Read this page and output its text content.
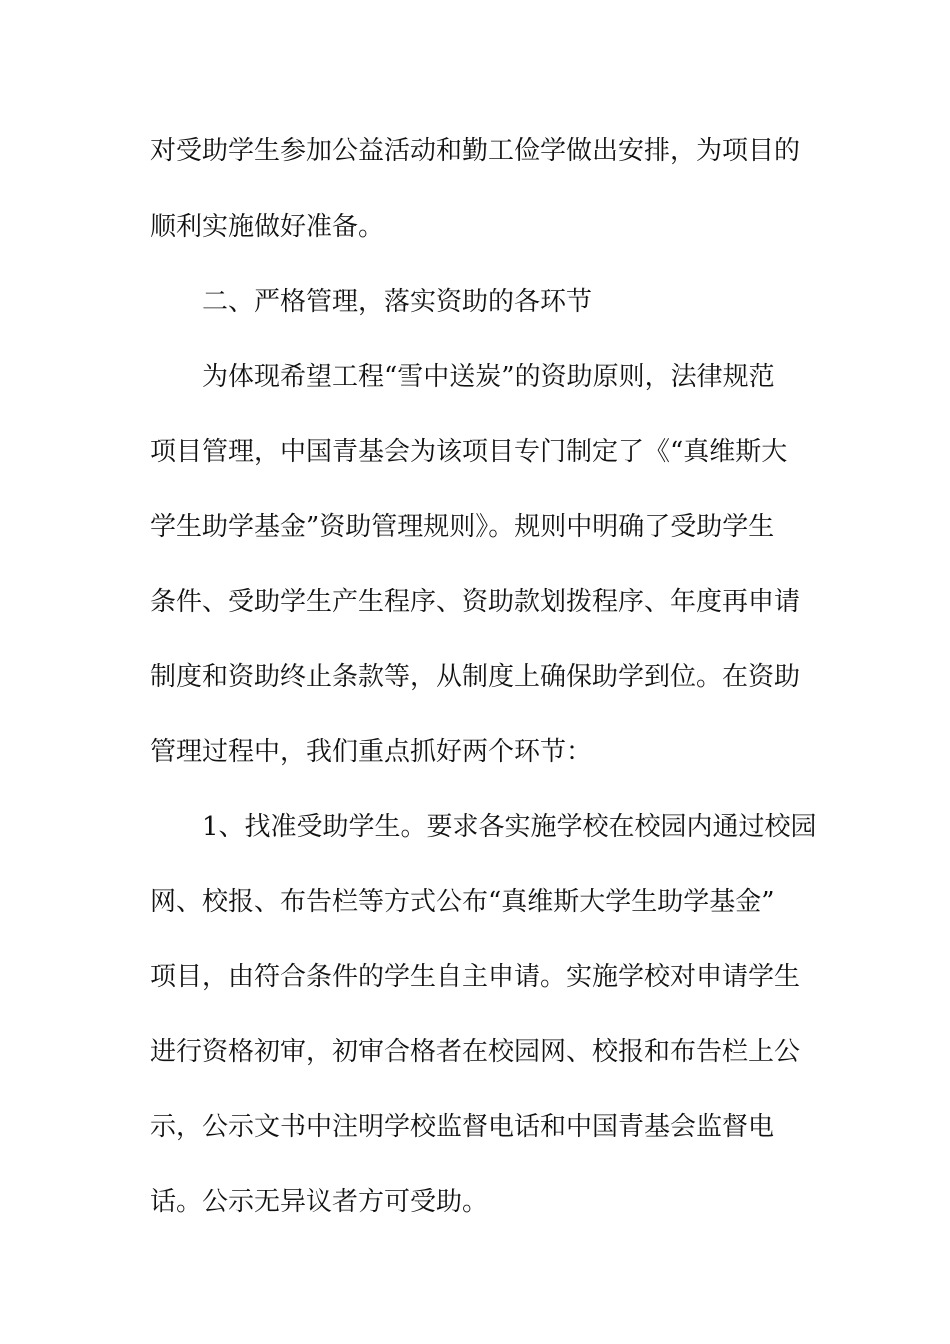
对受助学生参加公益活动和勤工俭学做出安排，为项目的
顺利实施做好准备。
二、严格管理，落实资助的各环节
为体现希望工程“雪中送炭”的资助原则，法律规范
项目管理，中国青基会为该项目专门制定了《“真维斯大
学生助学基金”资助管理规则》。规则中明确了受助学生
条件、受助学生产生程序、资助款划拨程序、年度再申请
制度和资助终止条款等，从制度上确保助学到位。在资助
管理过程中，我们重点抓好两个环节：
1、找准受助学生。要求各实施学校在校园内通过校园
网、校报、布告栏等方式公布“真维斯大学生助学基金”
项目，由符合条件的学生自主申请。实施学校对申请学生
进行资格初审，初审合格者在校园网、校报和布告栏上公
示，公示文书中注明学校监督电话和中国青基会监督电
话。公示无异议者方可受助。
